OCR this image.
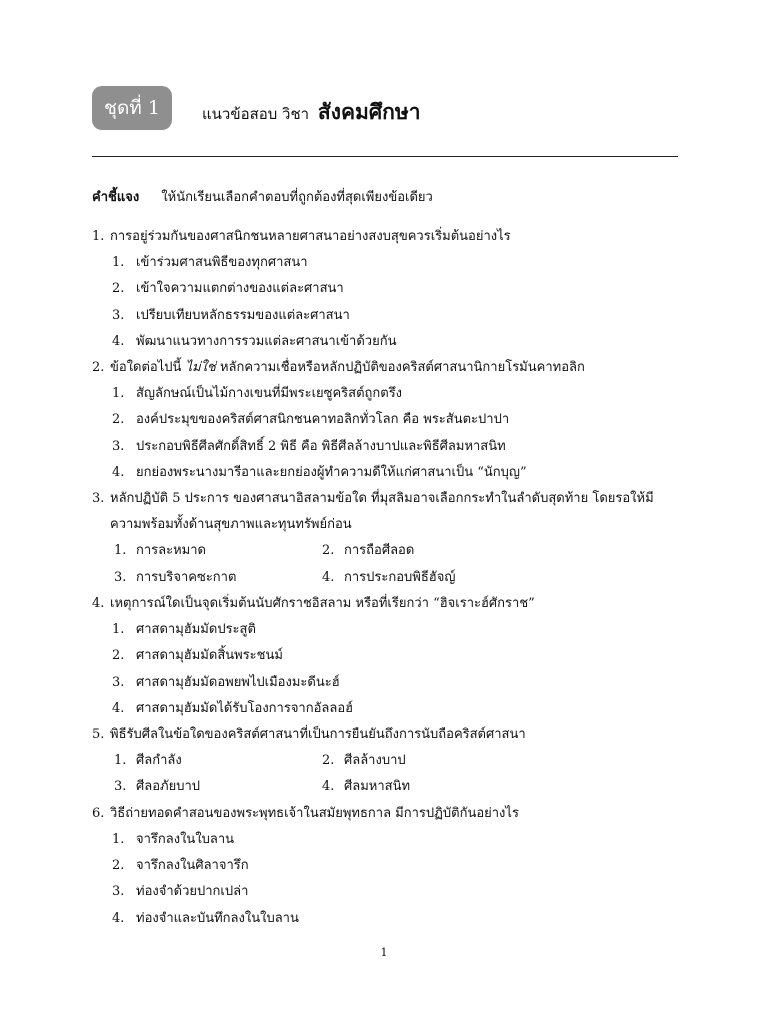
ชุดที่ 1	แนวข้อสอบ วิชา สังคมศึกษา
คำชี้แจง ให้นักเรียนเลือกคำตอบที่ถูกต้องที่สุดเพียงข้อเดียว
1. การอยู่ร่วมกันของศาสนิกชนหลายศาสนาอย่างสงบสุขควรเริ่มต้นอย่างไร
1. เข้าร่วมศาสนพิธีของทุกศาสนา
2. เข้าใจความแตกต่างของแต่ละศาสนา
3. เปรียบเทียบหลักธรรมของแต่ละศาสนา
4. พัฒนาแนวทางการรวมแต่ละศาสนาเข้าด้วยกัน
2. ข้อใดต่อไปนี้ ไม่ใช่ หลักความเชื่อหรือหลักปฏิบัติของคริสต์ศาสนานิกายโรมันคาทอลิก
1. สัญลักษณ์เป็นไม้กางเขนที่มีพระเยซูคริสต์ถูกตรึง
2. องค์ประมุขของคริสต์ศาสนิกชนคาทอลิกทั่วโลก คือ พระสันตะปาปา
3. ประกอบพิธีศีลศักดิ์สิทธิ์ 2 พิธี คือ พิธีศีลล้างบาปและพิธีศีลมหาสนิท
4. ยกย่องพระนางมารีอาและยกย่องผู้ทำความดีให้แก่ศาสนาเป็น “นักบุญ”
3. หลักปฏิบัติ 5 ประการ ของศาสนาอิสลามข้อใด ที่มุสลิมอาจเลือกกระทำในลำดับสุดท้าย โดยรอให้มีความพร้อมทั้งด้านสุขภาพและทุนทรัพย์ก่อน
1. การละหมาด	2. การถือศีลอด
3. การบริจาคซะกาต	4. การประกอบพิธีฮัจญ์
4. เหตุการณ์ใดเป็นจุดเริ่มต้นนับศักราชอิสลาม หรือที่เรียกว่า “ฮิจเราะฮ์ศักราช”
1. ศาสดามุฮัมมัดประสูติ
2. ศาสดามุฮัมมัดสิ้นพระชนม์
3. ศาสดามุฮัมมัดอพยพไปเมืองมะดีนะฮ์
4. ศาสดามุฮัมมัดได้รับโองการจากอัลลอฮ์
5. พิธีรับศีลในข้อใดของคริสต์ศาสนาที่เป็นการยืนยันถึงการนับถือคริสต์ศาสนา
1. ศีลกำลัง	2. ศีลล้างบาป
3. ศีลอภัยบาป	4. ศีลมหาสนิท
6. วิธีถ่ายทอดคำสอนของพระพุทธเจ้าในสมัยพุทธกาล มีการปฏิบัติกันอย่างไร
1. จารึกลงในใบลาน
2. จารึกลงในศิลาจารึก
3. ท่องจำด้วยปากเปล่า
4. ท่องจำและบันทึกลงในใบลาน
1
